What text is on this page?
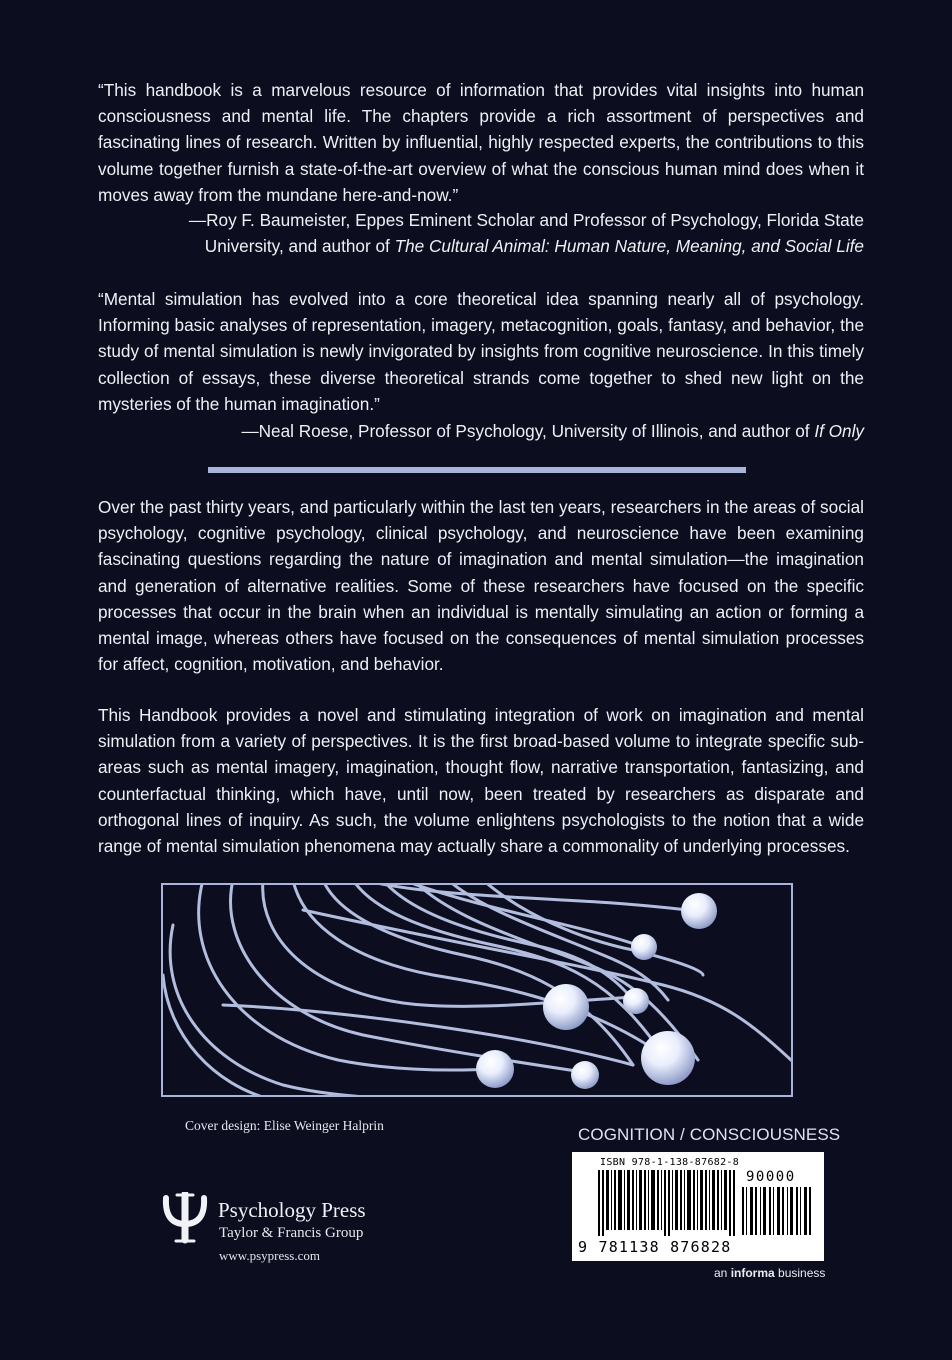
“This handbook is a marvelous resource of information that provides vital insights into human consciousness and mental life. The chapters provide a rich assortment of perspectives and fascinating lines of research. Written by influential, highly respected experts, the contributions to this volume together furnish a state-of-the-art overview of what the conscious human mind does when it moves away from the mundane here-and-now.”
—Roy F. Baumeister, Eppes Eminent Scholar and Professor of Psychology, Florida State University, and author of The Cultural Animal: Human Nature, Meaning, and Social Life
“Mental simulation has evolved into a core theoretical idea spanning nearly all of psychology. Informing basic analyses of representation, imagery, metacognition, goals, fantasy, and behavior, the study of mental simulation is newly invigorated by insights from cognitive neuroscience. In this timely collection of essays, these diverse theoretical strands come together to shed new light on the mysteries of the human imagination.”
—Neal Roese, Professor of Psychology, University of Illinois, and author of If Only
Over the past thirty years, and particularly within the last ten years, researchers in the areas of social psychology, cognitive psychology, clinical psychology, and neuroscience have been examining fascinating questions regarding the nature of imagination and mental simulation—the imagination and generation of alternative realities. Some of these researchers have focused on the specific processes that occur in the brain when an individual is mentally simulating an action or forming a mental image, whereas others have focused on the consequences of mental simulation processes for affect, cognition, motivation, and behavior.
This Handbook provides a novel and stimulating integration of work on imagination and mental simulation from a variety of perspectives. It is the first broad-based volume to integrate specific sub-areas such as mental imagery, imagination, thought flow, narrative transportation, fantasizing, and counterfactual thinking, which have, until now, been treated by researchers as disparate and orthogonal lines of inquiry. As such, the volume enlightens psychologists to the notion that a wide range of mental simulation phenomena may actually share a commonality of underlying processes.
Cover design: Elise Weinger Halprin	COGNITION / CONSCIOUSNESS
ISBN 978-1-138-87682-8
90000
9 781138 876828
an informa business
Psychology Press
Taylor & Francis Group
www.psypress.com
